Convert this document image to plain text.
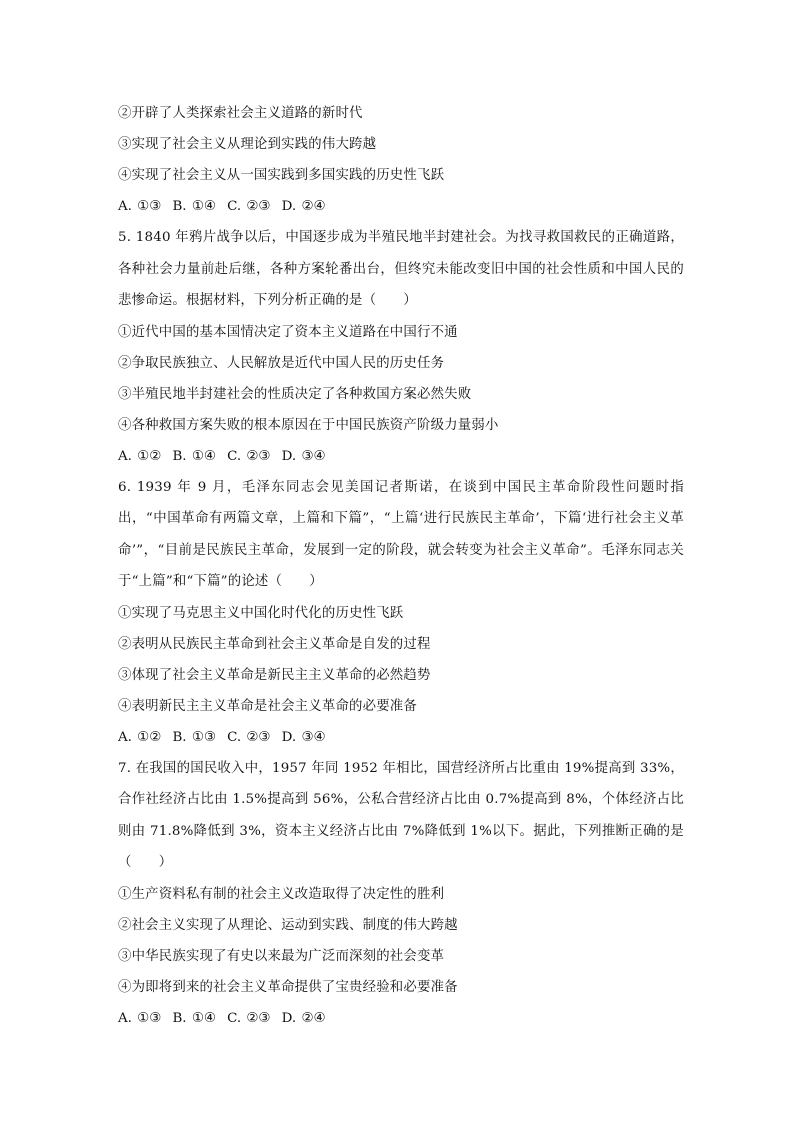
②开辟了人类探索社会主义道路的新时代
③实现了社会主义从理论到实践的伟大跨越
④实现了社会主义从一国实践到多国实践的历史性飞跃
A. ①③ B. ①④ C. ②③ D. ②④
5. 1840 年鸦片战争以后，中国逐步成为半殖民地半封建社会。为找寻救国救民的正确道路，各种社会力量前赴后继，各种方案轮番出台，但终究未能改变旧中国的社会性质和中国人民的悲惨命运。根据材料，下列分析正确的是（　　）
①近代中国的基本国情决定了资本主义道路在中国行不通
②争取民族独立、人民解放是近代中国人民的历史任务
③半殖民地半封建社会的性质决定了各种救国方案必然失败
④各种救国方案失败的根本原因在于中国民族资产阶级力量弱小
A. ①② B. ①④ C. ②③ D. ③④
6. 1939 年 9 月，毛泽东同志会见美国记者斯诺，在谈到中国民主革命阶段性问题时指出，“中国革命有两篇文章，上篇和下篇”，“上篇‘进行民族民主革命’，下篇‘进行社会主义革命’”，“目前是民族民主革命，发展到一定的阶段，就会转变为社会主义革命”。毛泽东同志关于“上篇”和“下篇”的论述（　　）
①实现了马克思主义中国化时代化的历史性飞跃
②表明从民族民主革命到社会主义革命是自发的过程
③体现了社会主义革命是新民主主义革命的必然趋势
④表明新民主主义革命是社会主义革命的必要准备
A. ①② B. ①③ C. ②③ D. ③④
7. 在我国的国民收入中，1957 年同 1952 年相比，国营经济所占比重由 19%提高到 33%，合作社经济占比由 1.5%提高到 56%，公私合营经济占比由 0.7%提高到 8%，个体经济占比则由 71.8%降低到 3%，资本主义经济占比由 7%降低到 1%以下。据此，下列推断正确的是（　　）
①生产资料私有制的社会主义改造取得了决定性的胜利
②社会主义实现了从理论、运动到实践、制度的伟大跨越
③中华民族实现了有史以来最为广泛而深刻的社会变革
④为即将到来的社会主义革命提供了宝贵经验和必要准备
A. ①③ B. ①④ C. ②③ D. ②④
